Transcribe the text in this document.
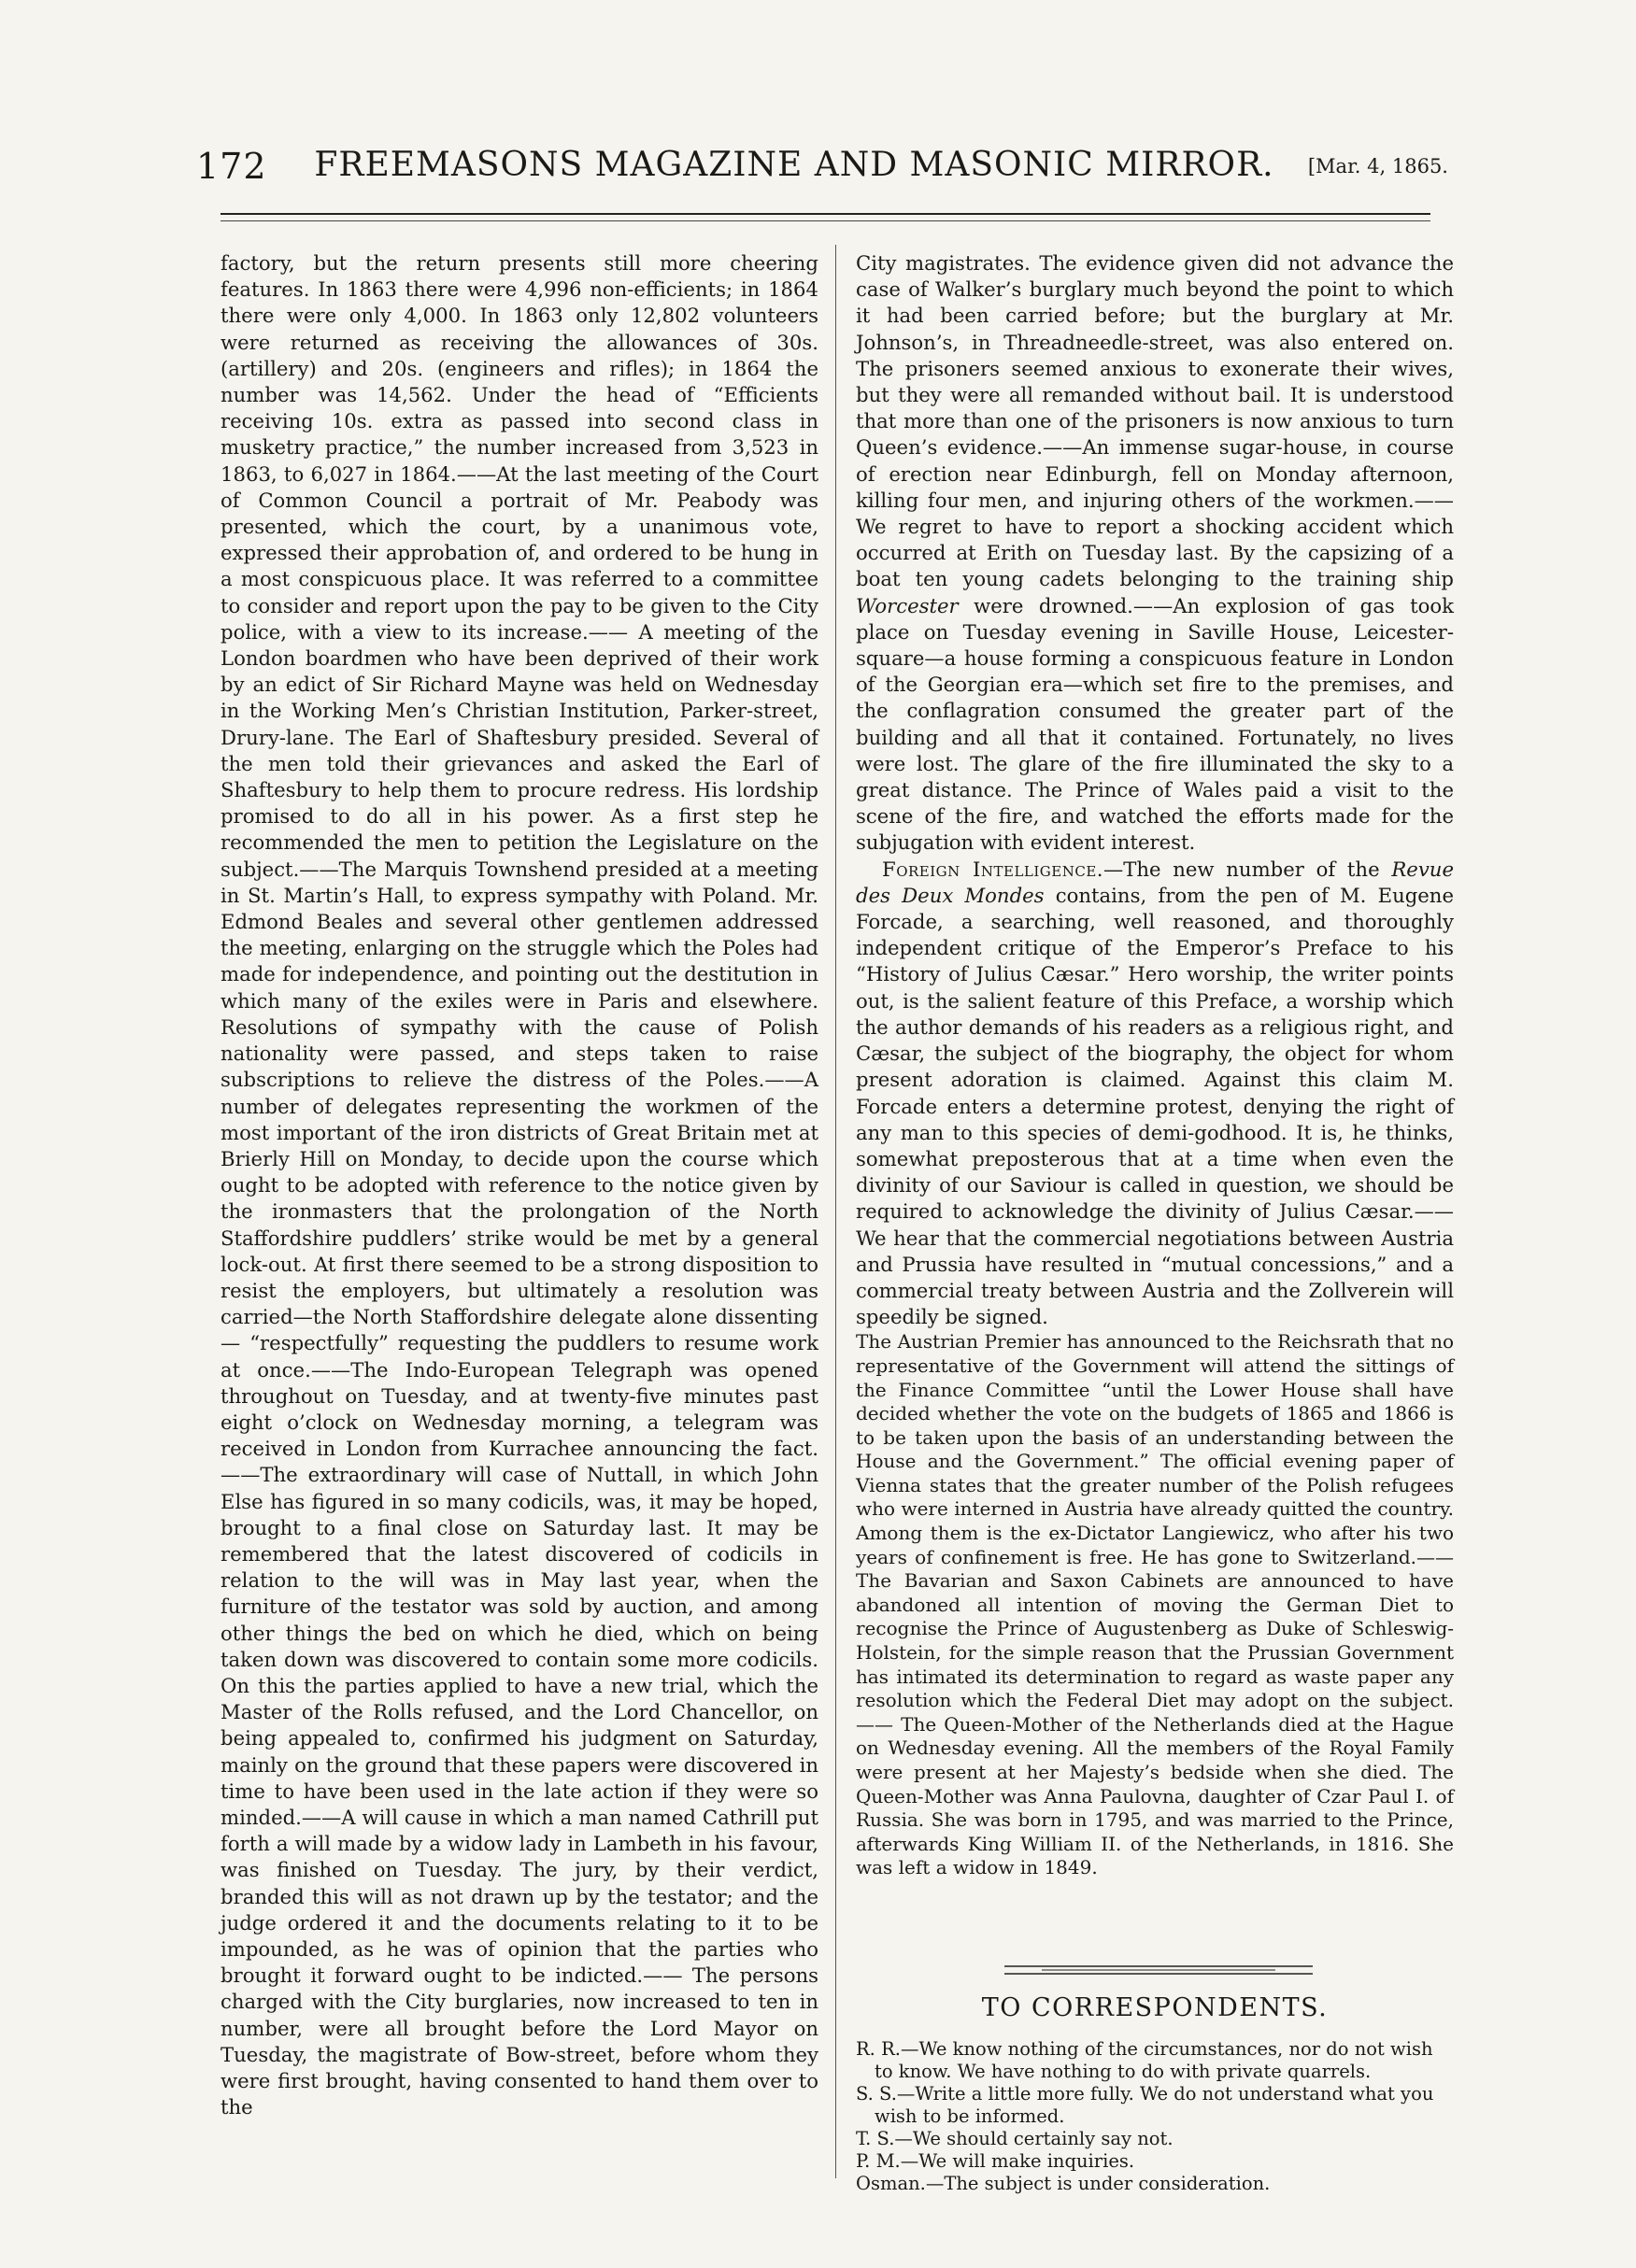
172 FREEMASONS MAGAZINE AND MASONIC MIRROR.	[Mar. 4, 1865.

factory, but the return presents still more cheering features. In 1863 there were 4,996 non-efficients; in 1864 there were only 4,000. In 1863 only 12,802 volunteers were returned as receiving the allowances of 30s. (artillery) and 20s. (engineers and rifles); in 1864 the number was 14,562. Under the head of “Efficients receiving 10s. extra as passed into second class in musketry practice,” the number increased from 3,523 in 1863, to 6,027 in 1864.——At the last meeting of the Court of Common Council a portrait of Mr. Peabody was presented, which the court, by a unanimous vote, expressed their approbation of, and ordered to be hung in a most conspicuous place. It was referred to a committee to consider and report upon the pay to be given to the City police, with a view to its increase.—— A meeting of the London boardmen who have been deprived of their work by an edict of Sir Richard Mayne was held on Wednesday in the Working Men’s Christian Institution, Parker-street, Drury-lane. The Earl of Shaftesbury presided. Several of the men told their grievances and asked the Earl of Shaftesbury to help them to procure redress. His lordship promised to do all in his power. As a first step he recommended the men to petition the Legislature on the subject.——The Marquis Townshend presided at a meeting in St. Martin’s Hall, to express sympathy with Poland. Mr. Edmond Beales and several other gentlemen addressed the meeting, enlarging on the struggle which the Poles had made for independence, and pointing out the destitution in which many of the exiles were in Paris and elsewhere. Resolutions of sympathy with the cause of Polish nationality were passed, and steps taken to raise subscriptions to relieve the distress of the Poles.——A number of delegates representing the workmen of the most important of the iron districts of Great Britain met at Brierly Hill on Monday, to decide upon the course which ought to be adopted with reference to the notice given by the ironmasters that the prolongation of the North Staffordshire puddlers’ strike would be met by a general lock-out. At first there seemed to be a strong disposition to resist the employers, but ultimately a resolution was carried—the North Staffordshire delegate alone dissenting — “respectfully” requesting the puddlers to resume work at once.——The Indo-European Telegraph was opened throughout on Tuesday, and at twenty-five minutes past eight o’clock on Wednesday morning, a telegram was received in London from Kurrachee announcing the fact.——The extraordinary will case of Nuttall, in which John Else has figured in so many codicils, was, it may be hoped, brought to a final close on Saturday last. It may be remembered that the latest discovered of codicils in relation to the will was in May last year, when the furniture of the testator was sold by auction, and among other things the bed on which he died, which on being taken down was discovered to contain some more codicils. On this the parties applied to have a new trial, which the Master of the Rolls refused, and the Lord Chancellor, on being appealed to, confirmed his judgment on Saturday, mainly on the ground that these papers were discovered in time to have been used in the late action if they were so minded.——A will cause in which a man named Cathrill put forth a will made by a widow lady in Lambeth in his favour, was finished on Tuesday. The jury, by their verdict, branded this will as not drawn up by the testator; and the judge ordered it and the documents relating to it to be impounded, as he was of opinion that the parties who brought it forward ought to be indicted.—— The persons charged with the City burglaries, now increased to ten in number, were all brought before the Lord Mayor on Tuesday, the magistrate of Bow-street, before whom they were first brought, having consented to hand them over to the

City magistrates. The evidence given did not advance the case of Walker’s burglary much beyond the point to which it had been carried before; but the burglary at Mr. Johnson’s, in Threadneedle-street, was also entered on. The prisoners seemed anxious to exonerate their wives, but they were all remanded without bail. It is understood that more than one of the prisoners is now anxious to turn Queen’s evidence.——An immense sugar-house, in course of erection near Edinburgh, fell on Monday afternoon, killing four men, and injuring others of the workmen.——We regret to have to report a shocking accident which occurred at Erith on Tuesday last. By the capsizing of a boat ten young cadets belonging to the training ship Worcester were drowned.——An explosion of gas took place on Tuesday evening in Saville House, Leicester-square—a house forming a conspicuous feature in London of the Georgian era—which set fire to the premises, and the conflagration consumed the greater part of the building and all that it contained. Fortunately, no lives were lost. The glare of the fire illuminated the sky to a great distance. The Prince of Wales paid a visit to the scene of the fire, and watched the efforts made for the subjugation with evident interest.

Foreign Intelligence.—The new number of the Revue des Deux Mondes contains, from the pen of M. Eugene Forcade, a searching, well reasoned, and thoroughly independent critique of the Emperor’s Preface to his “History of Julius Cæsar.” Hero worship, the writer points out, is the salient feature of this Preface, a worship which the author demands of his readers as a religious right, and Cæsar, the subject of the biography, the object for whom present adoration is claimed. Against this claim M. Forcade enters a determine protest, denying the right of any man to this species of demi-godhood. It is, he thinks, somewhat preposterous that at a time when even the divinity of our Saviour is called in question, we should be required to acknowledge the divinity of Julius Cæsar.——We hear that the commercial negotiations between Austria and Prussia have resulted in “mutual concessions,” and a commercial treaty between Austria and the Zollverein will speedily be signed.

The Austrian Premier has announced to the Reichsrath that no representative of the Government will attend the sittings of the Finance Committee “until the Lower House shall have decided whether the vote on the budgets of 1865 and 1866 is to be taken upon the basis of an understanding between the House and the Government.” The official evening paper of Vienna states that the greater number of the Polish refugees who were interned in Austria have already quitted the country. Among them is the ex-Dictator Langiewicz, who after his two years of confinement is free. He has gone to Switzerland.——The Bavarian and Saxon Cabinets are announced to have abandoned all intention of moving the German Diet to recognise the Prince of Augustenberg as Duke of Schleswig-Holstein, for the simple reason that the Prussian Government has intimated its determination to regard as waste paper any resolution which the Federal Diet may adopt on the subject.—— The Queen-Mother of the Netherlands died at the Hague on Wednesday evening. All the members of the Royal Family were present at her Majesty’s bedside when she died. The Queen-Mother was Anna Paulovna, daughter of Czar Paul I. of Russia. She was born in 1795, and was married to the Prince, afterwards King William II. of the Netherlands, in 1816. She was left a widow in 1849.

TO CORRESPONDENTS.

R. R.—We know nothing of the circumstances, nor do not wish to know. We have nothing to do with private quarrels.

S. S.—Write a little more fully. We do not understand what you wish to be informed.

T. S.—We should certainly say not.

P. M.—We will make inquiries.

Osman.—The subject is under consideration.
